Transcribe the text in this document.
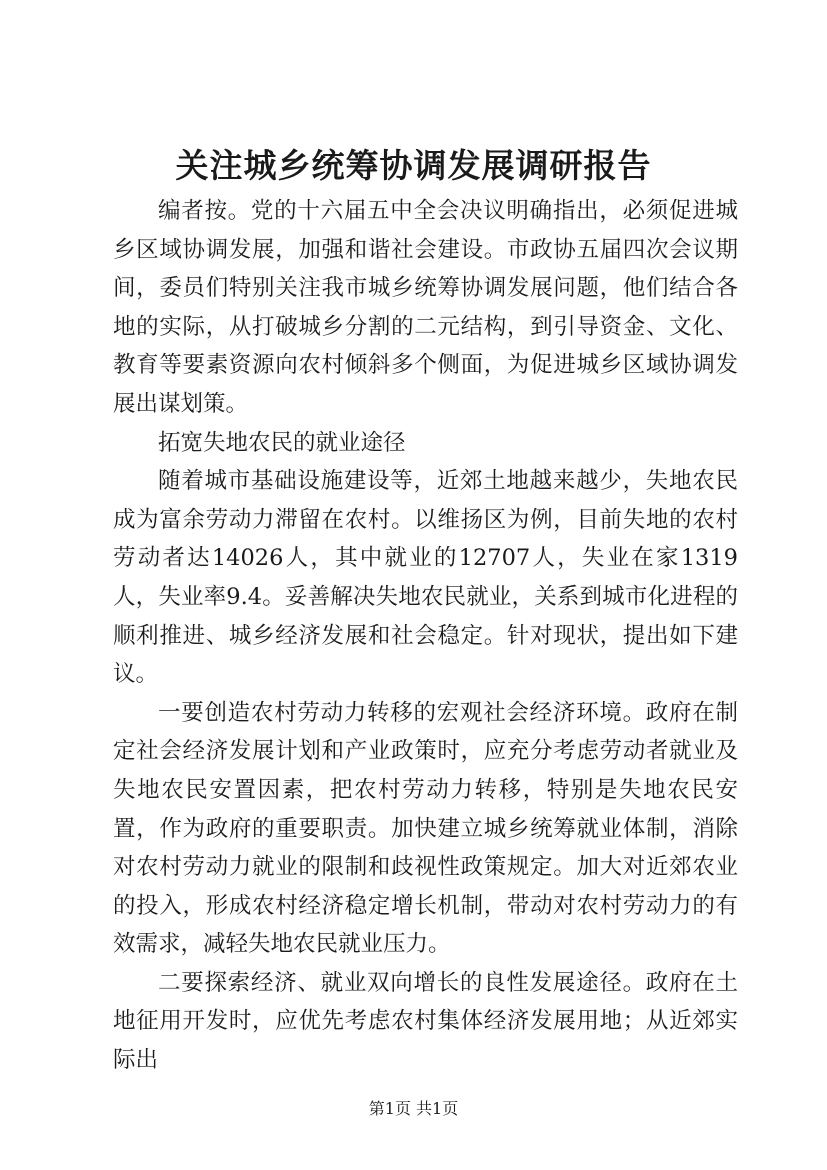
关注城乡统筹协调发展调研报告

编者按。党的十六届五中全会决议明确指出，必须促进城乡区域协调发展，加强和谐社会建设。市政协五届四次会议期间，委员们特别关注我市城乡统筹协调发展问题，他们结合各地的实际，从打破城乡分割的二元结构，到引导资金、文化、教育等要素资源向农村倾斜多个侧面，为促进城乡区域协调发展出谋划策。

拓宽失地农民的就业途径

随着城市基础设施建设等，近郊土地越来越少，失地农民成为富余劳动力滞留在农村。以维扬区为例，目前失地的农村劳动者达14026人，其中就业的12707人，失业在家1319人，失业率9.4。妥善解决失地农民就业，关系到城市化进程的顺利推进、城乡经济发展和社会稳定。针对现状，提出如下建议。

一要创造农村劳动力转移的宏观社会经济环境。政府在制定社会经济发展计划和产业政策时，应充分考虑劳动者就业及失地农民安置因素，把农村劳动力转移，特别是失地农民安置，作为政府的重要职责。加快建立城乡统筹就业体制，消除对农村劳动力就业的限制和歧视性政策规定。加大对近郊农业的投入，形成农村经济稳定增长机制，带动对农村劳动力的有效需求，减轻失地农民就业压力。

二要探索经济、就业双向增长的良性发展途径。政府在土地征用开发时，应优先考虑农村集体经济发展用地；从近郊实际出

第1页 共1页
